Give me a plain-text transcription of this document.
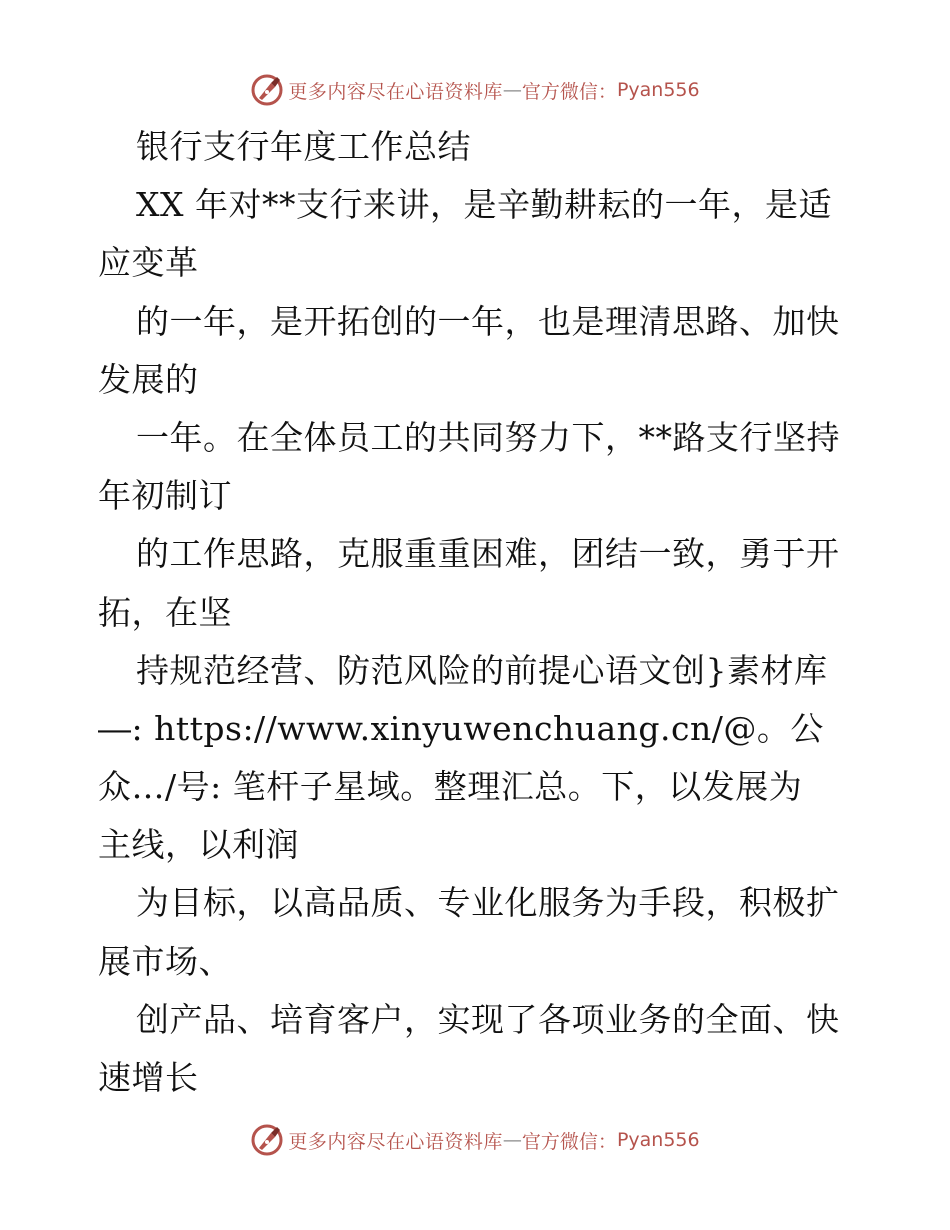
更多内容尽在心语资料库 — 官方微信： Pyan556
银行支行年度工作总结
XX 年对**支行来讲，是辛勤耕耘的一年，是适
应变革
的一年，是开拓创的一年，也是理清思路、加快
发展的
一年。在全体员工的共同努力下，**路支行坚持
年初制订
的工作思路，克服重重困难，团结一致，勇于开
拓，在坚
持规范经营、防范风险的前提心语文创}素材库
―: https://www.xinyuwenchuang.cn/@。公
众…/号: 笔杆子星域。整理汇总。下，以发展为
主线，以利润
为目标，以高品质、专业化服务为手段，积极扩
展市场、
创产品、培育客户，实现了各项业务的全面、快
速增长
更多内容尽在心语资料库 — 官方微信： Pyan556
